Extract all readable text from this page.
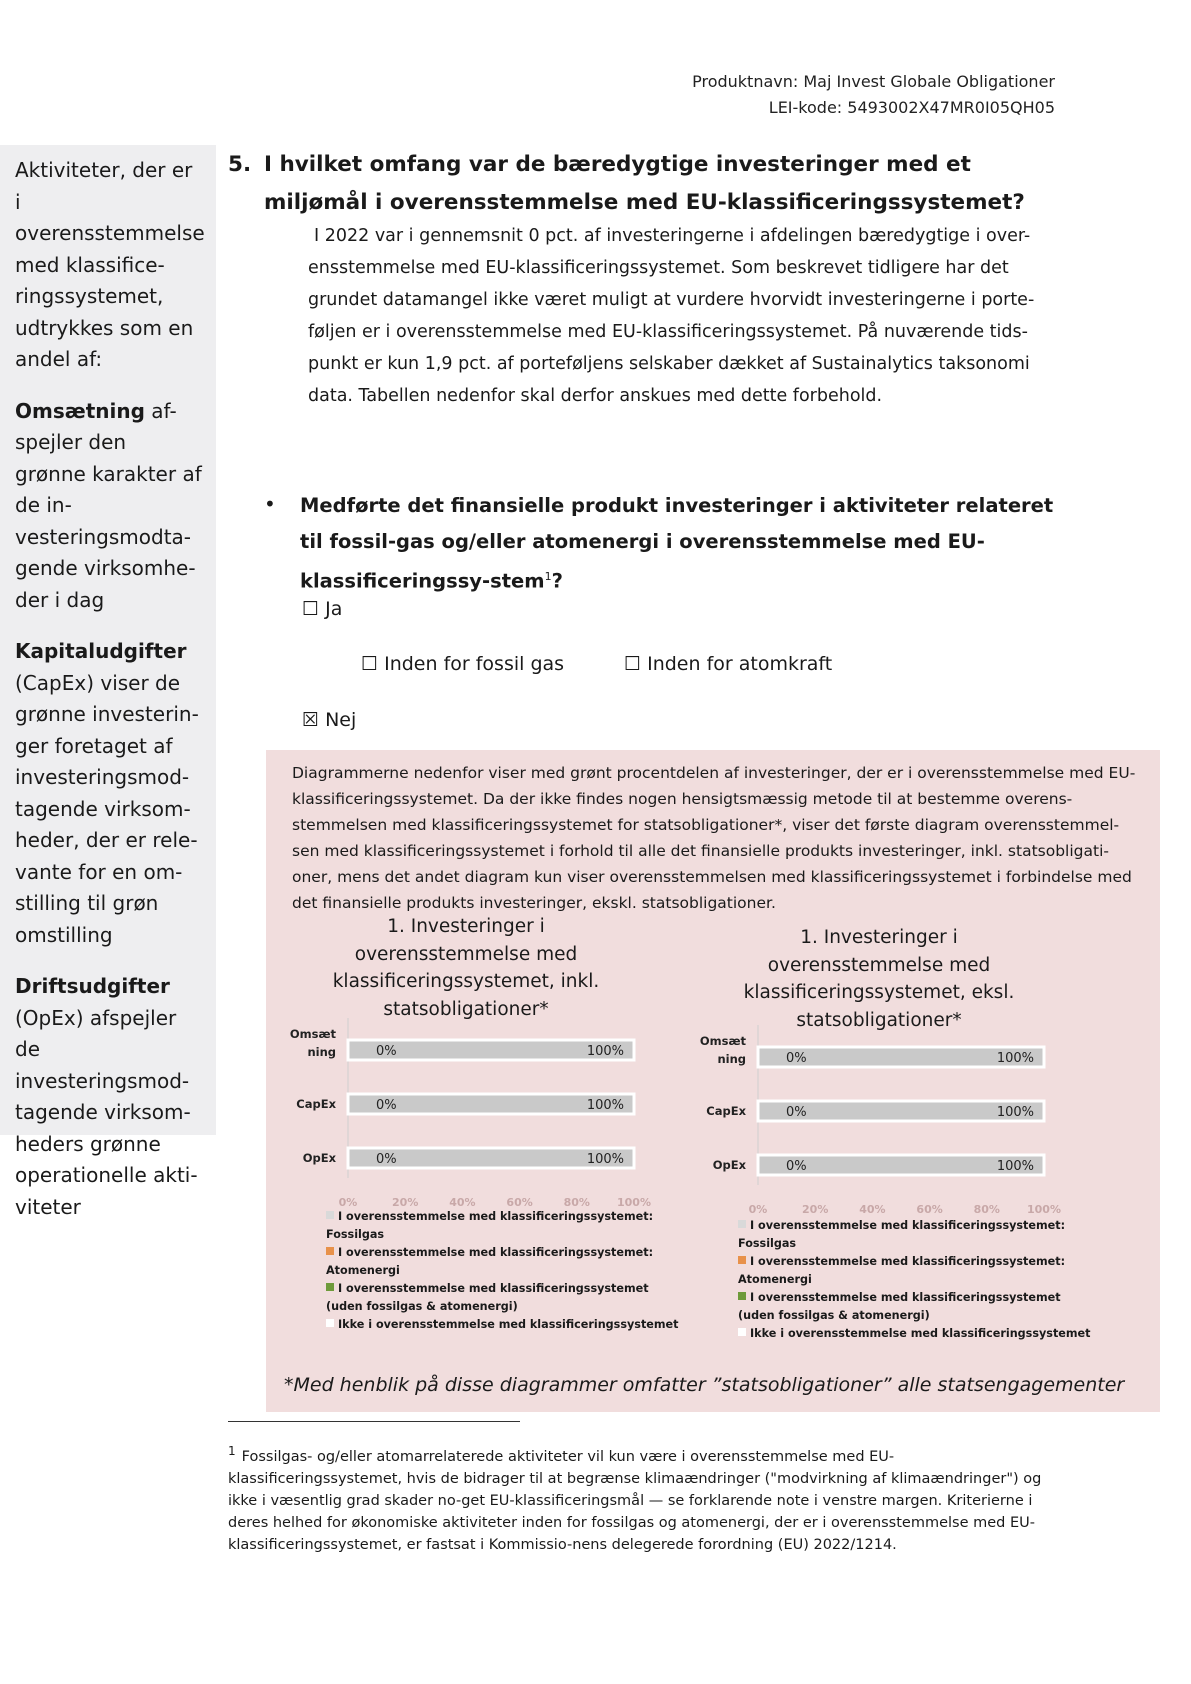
Produktnavn: Maj Invest Globale Obligationer
LEI-kode: 5493002X47MR0I05QH05

Aktiviteter, der er i overensstemmelse med klassifice-ringssystemet, udtrykkes som en andel af:

Omsætning af-spejler den grønne karakter af de in-vesteringsmodta-gende virksomhe-der i dag

Kapitaludgifter (CapEx) viser de grønne investerin-ger foretaget af investeringsmod-tagende virksom-heder, der er rele-vante for en om-stilling til grøn omstilling

Driftsudgifter (OpEx) afspejler de investeringsmod-tagende virksom-heders grønne operationelle akti-viteter

5. I hvilket omfang var de bæredygtige investeringer med et miljømål i overensstemmelse med EU-klassificeringssystemet?
I 2022 var i gennemsnit 0 pct. af investeringerne i afdelingen bæredygtige i over-ensstemmelse med EU-klassificeringssystemet. Som beskrevet tidligere har det grundet datamangel ikke været muligt at vurdere hvorvidt investeringerne i porte-føljen er i overensstemmelse med EU-klassificeringssystemet. På nuværende tids-punkt er kun 1,9 pct. af porteføljens selskaber dækket af Sustainalytics taksonomi data. Tabellen nedenfor skal derfor anskues med dette forbehold.
• Medførte det finansielle produkt investeringer i aktiviteter relateret til fossil-gas og/eller atomenergi i overensstemmelse med EU-klassificeringssy-stem$^1$?
☐ Ja
☐ Inden for fossil gas	☐ Inden for atomkraft
☒ Nej
Diagrammerne nedenfor viser med grønt procentdelen af investeringer, der er i overensstemmelse med EU-klassificeringssystemet. Da der ikke findes nogen hensigtsmæssig metode til at bestemme overens-stemmelsen med klassificeringssystemet for statsobligationer*, viser det første diagram overensstemmel-sen med klassificeringssystemet i forhold til alle det finansielle produkts investeringer, inkl. statsobligati-oner, mens det andet diagram kun viser overensstemmelsen med klassificeringssystemet i forbindelse med det finansielle produkts investeringer, ekskl. statsobligationer.
1. Investeringer i overensstemmelse med klassificeringssystemet, inkl. statsobligationer*
Omsæt ning	0%	100%
CapEx	0%	100%
OpEx	0%	100%
0%	20%	40%	60%	80% 100%
I overensstemmelse med klassificeringssystemet: Fossilgas
I overensstemmelse med klassificeringssystemet: Atomenergi
I overensstemmelse med klassificeringssystemet (uden fossilgas & atomenergi)
Ikke i overensstemmelse med klassificeringssystemet
1. Investeringer i overensstemmelse med klassificeringssystemet, eksl. statsobligationer*
Omsæt ning	0%	100%
CapEx	0%	100%
OpEx	0%	100%
0%	20%	40%	60%	80% 100%
I overensstemmelse med klassificeringssystemet: Fossilgas
I overensstemmelse med klassificeringssystemet: Atomenergi
I overensstemmelse med klassificeringssystemet (uden fossilgas & atomenergi)
Ikke i overensstemmelse med klassificeringssystemet
*Med henblik på disse diagrammer omfatter ”statsobligationer” alle statsengagementer
$^1$ Fossilgas- og/eller atomarrelaterede aktiviteter vil kun være i overensstemmelse med EU-klassificeringssystemet, hvis de bidrager til at begrænse klimaændringer ("modvirkning af klimaændringer") og ikke i væsentlig grad skader no-get EU-klassificeringsmål — se forklarende note i venstre margen. Kriterierne i deres helhed for økonomiske aktiviteter inden for fossilgas og atomenergi, der er i overensstemmelse med EU-klassificeringssystemet, er fastsat i Kommissio-nens delegerede forordning (EU) 2022/1214.
